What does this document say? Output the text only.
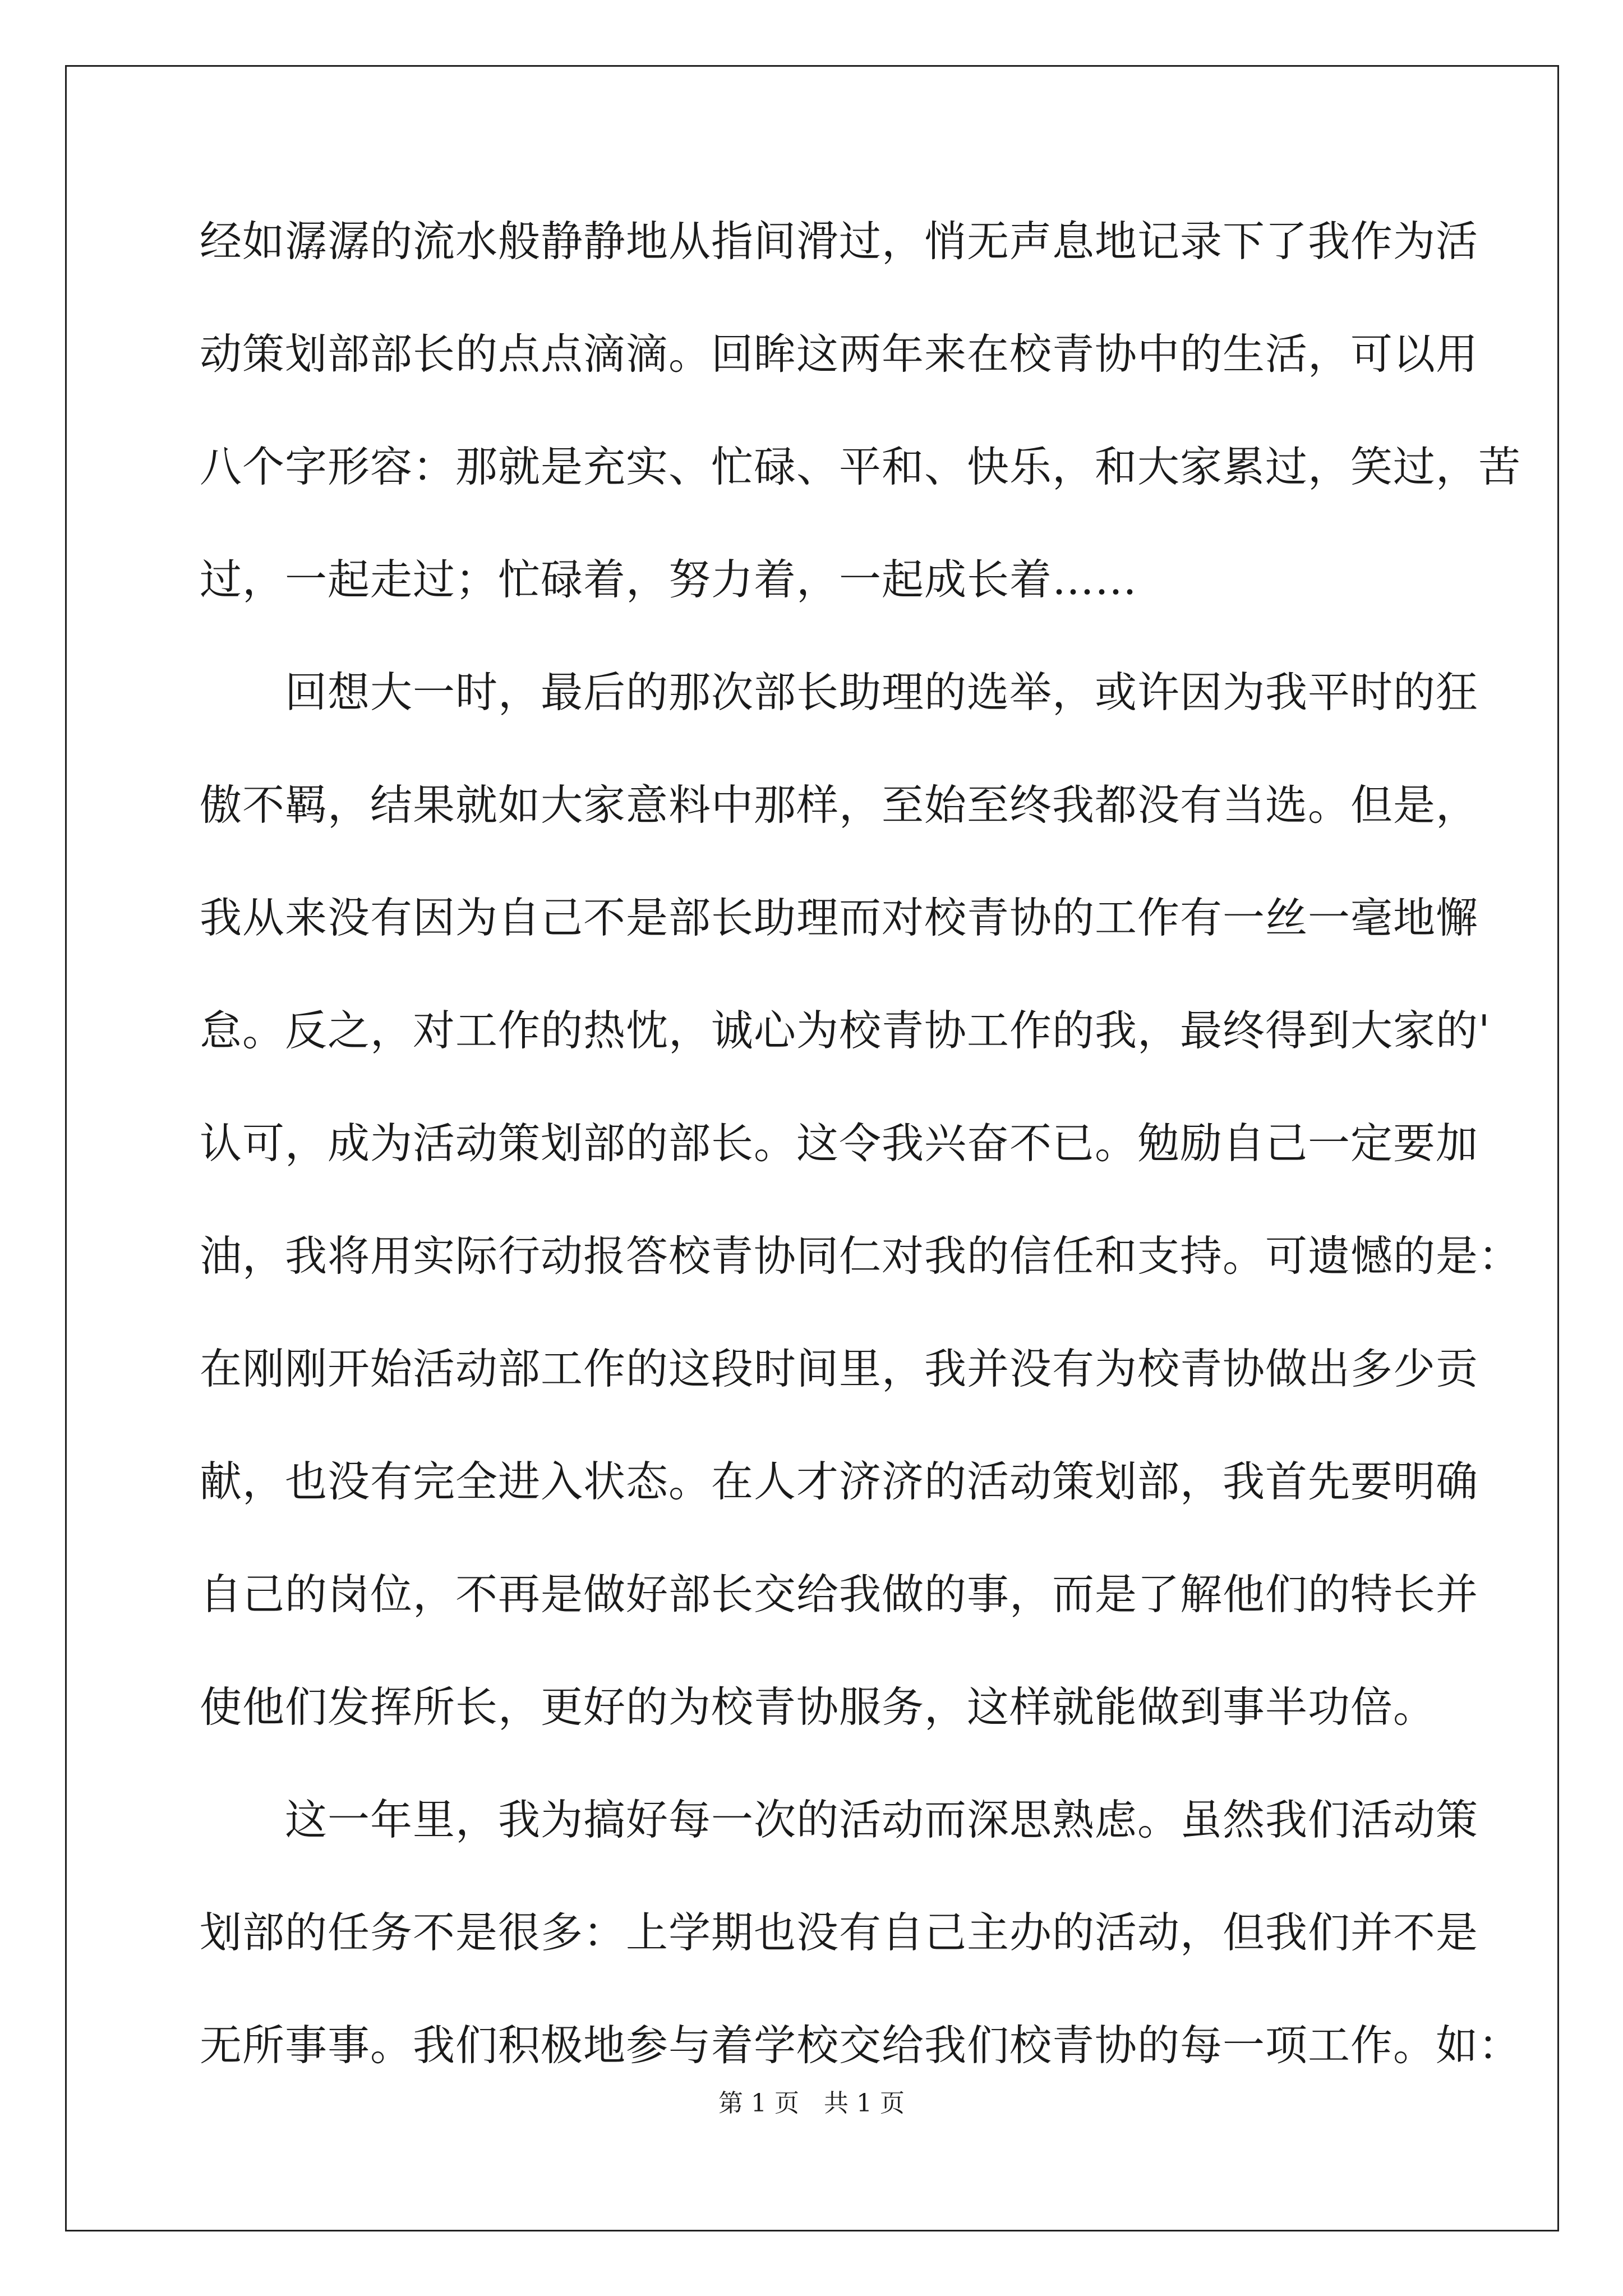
经如潺潺的流水般静静地从指间滑过，悄无声息地记录下了我作为活
动策划部部长的点点滴滴。回眸这两年来在校青协中的生活，可以用
八个字形容：那就是充实、忙碌、平和、快乐，和大家累过，笑过，苦
过，一起走过；忙碌着，努力着，一起成长着……
　　回想大一时，最后的那次部长助理的选举，或许因为我平时的狂
傲不羁，结果就如大家意料中那样，至始至终我都没有当选。但是，
我从来没有因为自己不是部长助理而对校青协的工作有一丝一毫地懈
怠。反之，对工作的热忱，诚心为校青协工作的我，最终得到大家的'
认可，成为活动策划部的部长。这令我兴奋不已。勉励自己一定要加
油，我将用实际行动报答校青协同仁对我的信任和支持。可遗憾的是：
在刚刚开始活动部工作的这段时间里，我并没有为校青协做出多少贡
献，也没有完全进入状态。在人才济济的活动策划部，我首先要明确
自己的岗位，不再是做好部长交给我做的事，而是了解他们的特长并
使他们发挥所长，更好的为校青协服务，这样就能做到事半功倍。
　　这一年里，我为搞好每一次的活动而深思熟虑。虽然我们活动策
划部的任务不是很多：上学期也没有自己主办的活动，但我们并不是
无所事事。我们积极地参与着学校交给我们校青协的每一项工作。如：
第 1 页　共 1 页
